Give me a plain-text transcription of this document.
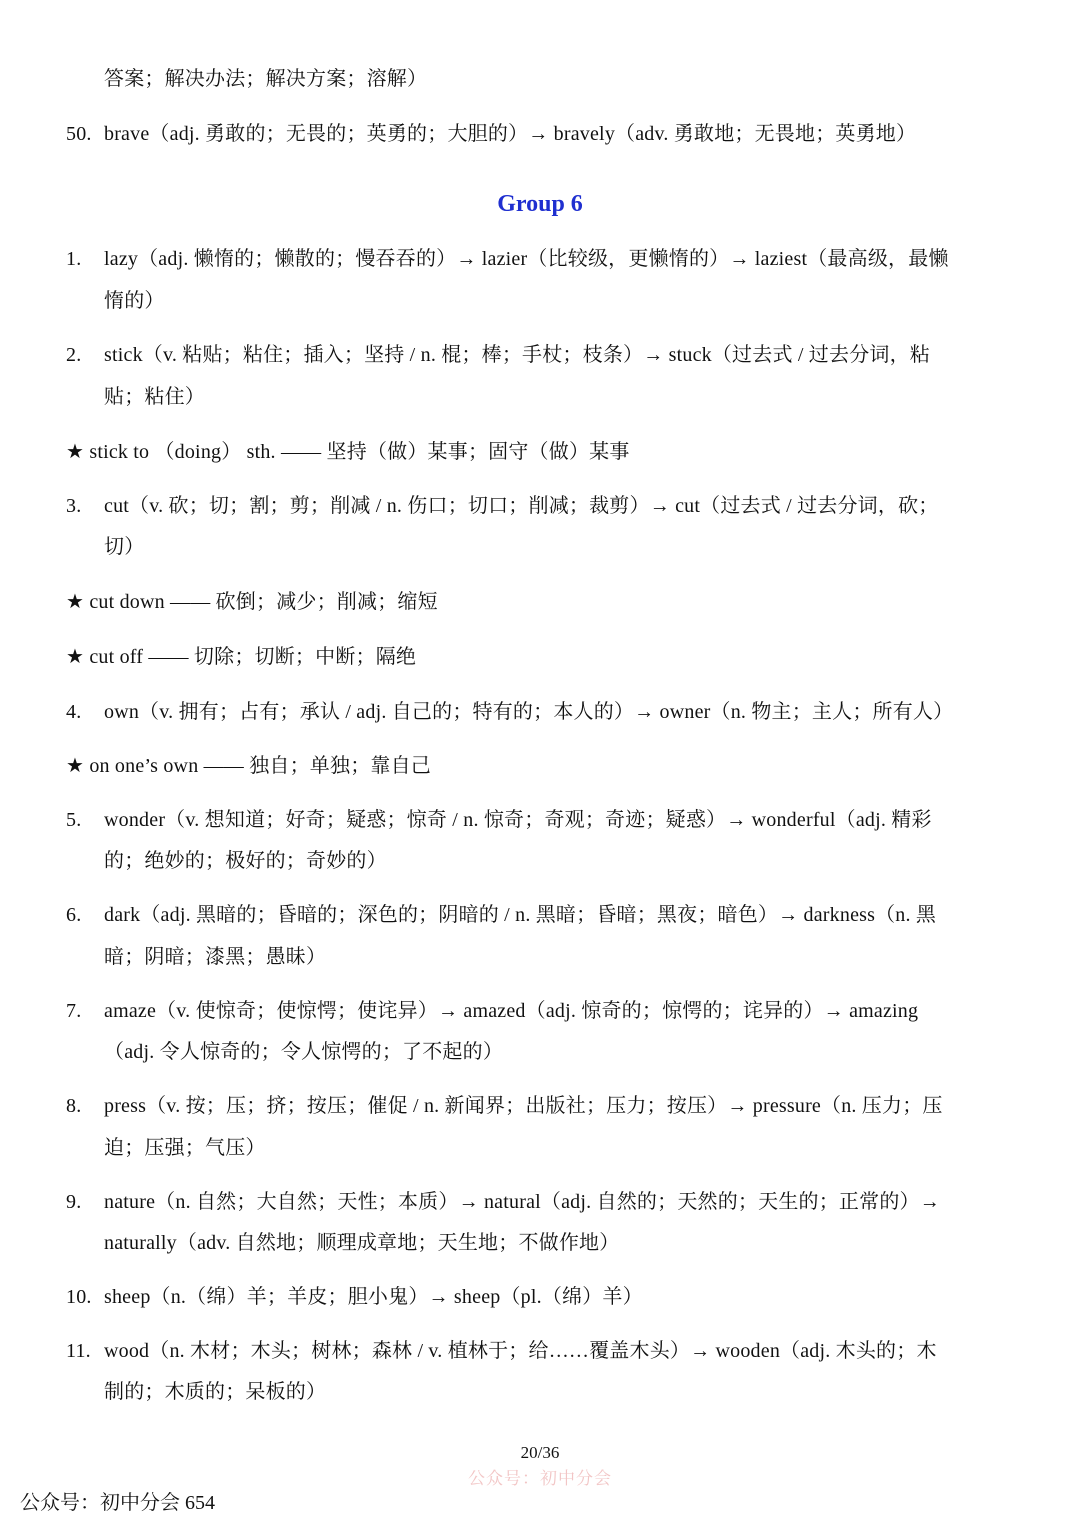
答案；解决办法；解决方案；溶解）
50. brave（adj. 勇敢的；无畏的；英勇的；大胆的）→ bravely（adv. 勇敢地；无畏地；英勇地）
Group 6
1. lazy（adj. 懒惰的；懒散的；慢吞吞的）→ lazier（比较级，更懒惰的）→ laziest（最高级，最懒
惰的）
2. stick（v. 粘贴；粘住；插入；坚持 / n. 棍；棒；手杖；枝条）→ stuck（过去式 / 过去分词，粘
贴；粘住）
★ stick to （doing） sth. —— 坚持（做）某事；固守（做）某事
3. cut（v. 砍；切；割；剪；削减 / n. 伤口；切口；削减；裁剪）→ cut（过去式 / 过去分词，砍；
切）
★ cut down —— 砍倒；减少；削减；缩短
★ cut off —— 切除；切断；中断；隔绝
4. own（v. 拥有；占有；承认 / adj. 自己的；特有的；本人的）→ owner（n. 物主；主人；所有人）
★ on one’s own —— 独自；单独；靠自己
5. wonder（v. 想知道；好奇；疑惑；惊奇 / n. 惊奇；奇观；奇迹；疑惑）→ wonderful（adj. 精彩
的；绝妙的；极好的；奇妙的）
6. dark（adj. 黑暗的；昏暗的；深色的；阴暗的 / n. 黑暗；昏暗；黑夜；暗色）→ darkness（n. 黑
暗；阴暗；漆黑；愚昧）
7. amaze（v. 使惊奇；使惊愕；使诧异）→ amazed（adj. 惊奇的；惊愕的；诧异的）→ amazing
（adj. 令人惊奇的；令人惊愕的；了不起的）
8. press（v. 按；压；挤；按压；催促 / n. 新闻界；出版社；压力；按压）→ pressure（n. 压力；压
迫；压强；气压）
9. nature（n. 自然；大自然；天性；本质）→ natural（adj. 自然的；天然的；天生的；正常的）→
naturally（adv. 自然地；顺理成章地；天生地；不做作地）
10. sheep（n.（绵）羊；羊皮；胆小鬼）→ sheep（pl.（绵）羊）
11. wood（n. 木材；木头；树林；森林 / v. 植林于；给……覆盖木头）→ wooden（adj. 木头的；木
制的；木质的；呆板的）
20/36
公众号：初中分会
公众号：初中分会 654
